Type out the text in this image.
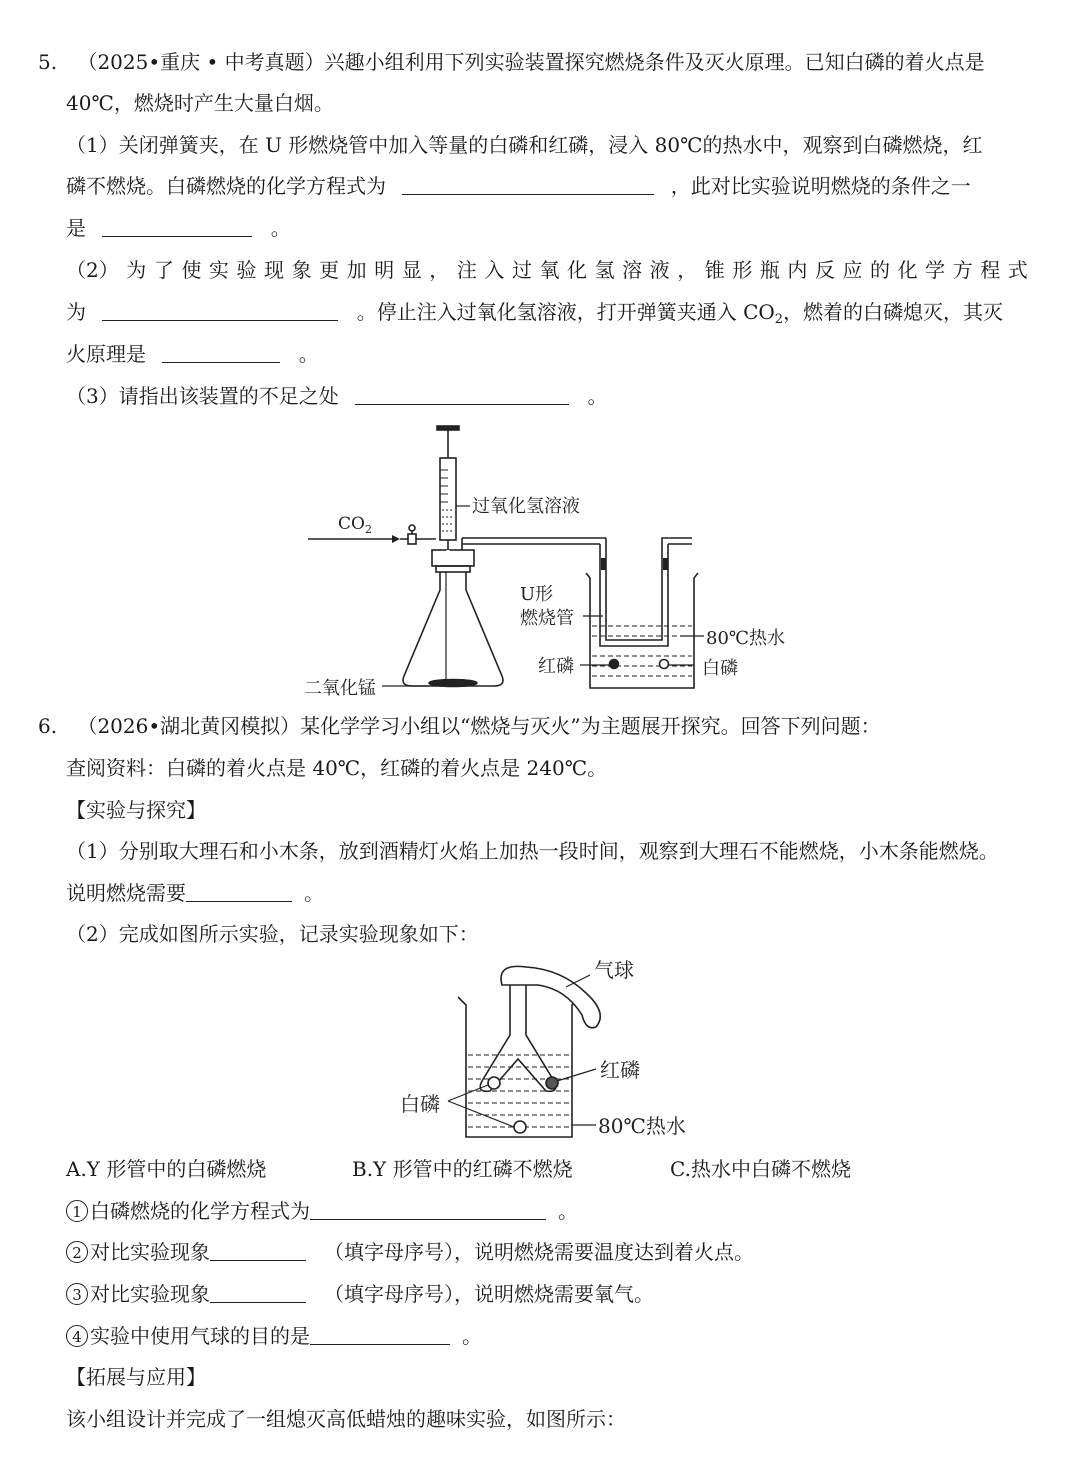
5. （2025•重庆 • 中考真题）兴趣小组利用下列实验装置探究燃烧条件及灭火原理。已知白磷的着火点是
40℃，燃烧时产生大量白烟。
（1）关闭弹簧夹，在 U 形燃烧管中加入等量的白磷和红磷，浸入 80℃的热水中，观察到白磷燃烧，红
磷不燃烧。白磷燃烧的化学方程式为	，此对比实验说明燃烧的条件之一
是	。
（2） 为 了 使 实 验 现 象 更 加 明 显 ， 注 入 过 氧 化 氢 溶 液 ， 锥 形 瓶 内 反 应 的 化 学 方 程 式
为	。停止注入过氧化氢溶液，打开弹簧夹通入 $CO_2$，燃着的白磷熄灭，其灭
火原理是	。
（3）请指出该装置的不足之处	。
过氧化氢溶液
$CO_2$
二氧化锰
U形
燃烧管
80℃热水
红磷	白磷
6. （2026•湖北黄冈模拟）某化学学习小组以“燃烧与灭火”为主题展开探究。回答下列问题：
查阅资料：白磷的着火点是 40℃，红磷的着火点是 240℃。
【实验与探究】
（1）分别取大理石和小木条，放到酒精灯火焰上加热一段时间，观察到大理石不能燃烧，小木条能燃烧。
说明燃烧需要	。
（2）完成如图所示实验，记录实验现象如下：
气球
红磷
白磷
80℃热水
A.Y 形管中的白磷燃烧	B.Y 形管中的红磷不燃烧	C.热水中白磷不燃烧
1 白磷燃烧的化学方程式为	。
2 对比实验现象	（填字母序号），说明燃烧需要温度达到着火点。
3 对比实验现象	（填字母序号），说明燃烧需要氧气。
4 实验中使用气球的目的是	。
【拓展与应用】
该小组设计并完成了一组熄灭高低蜡烛的趣味实验，如图所示：
